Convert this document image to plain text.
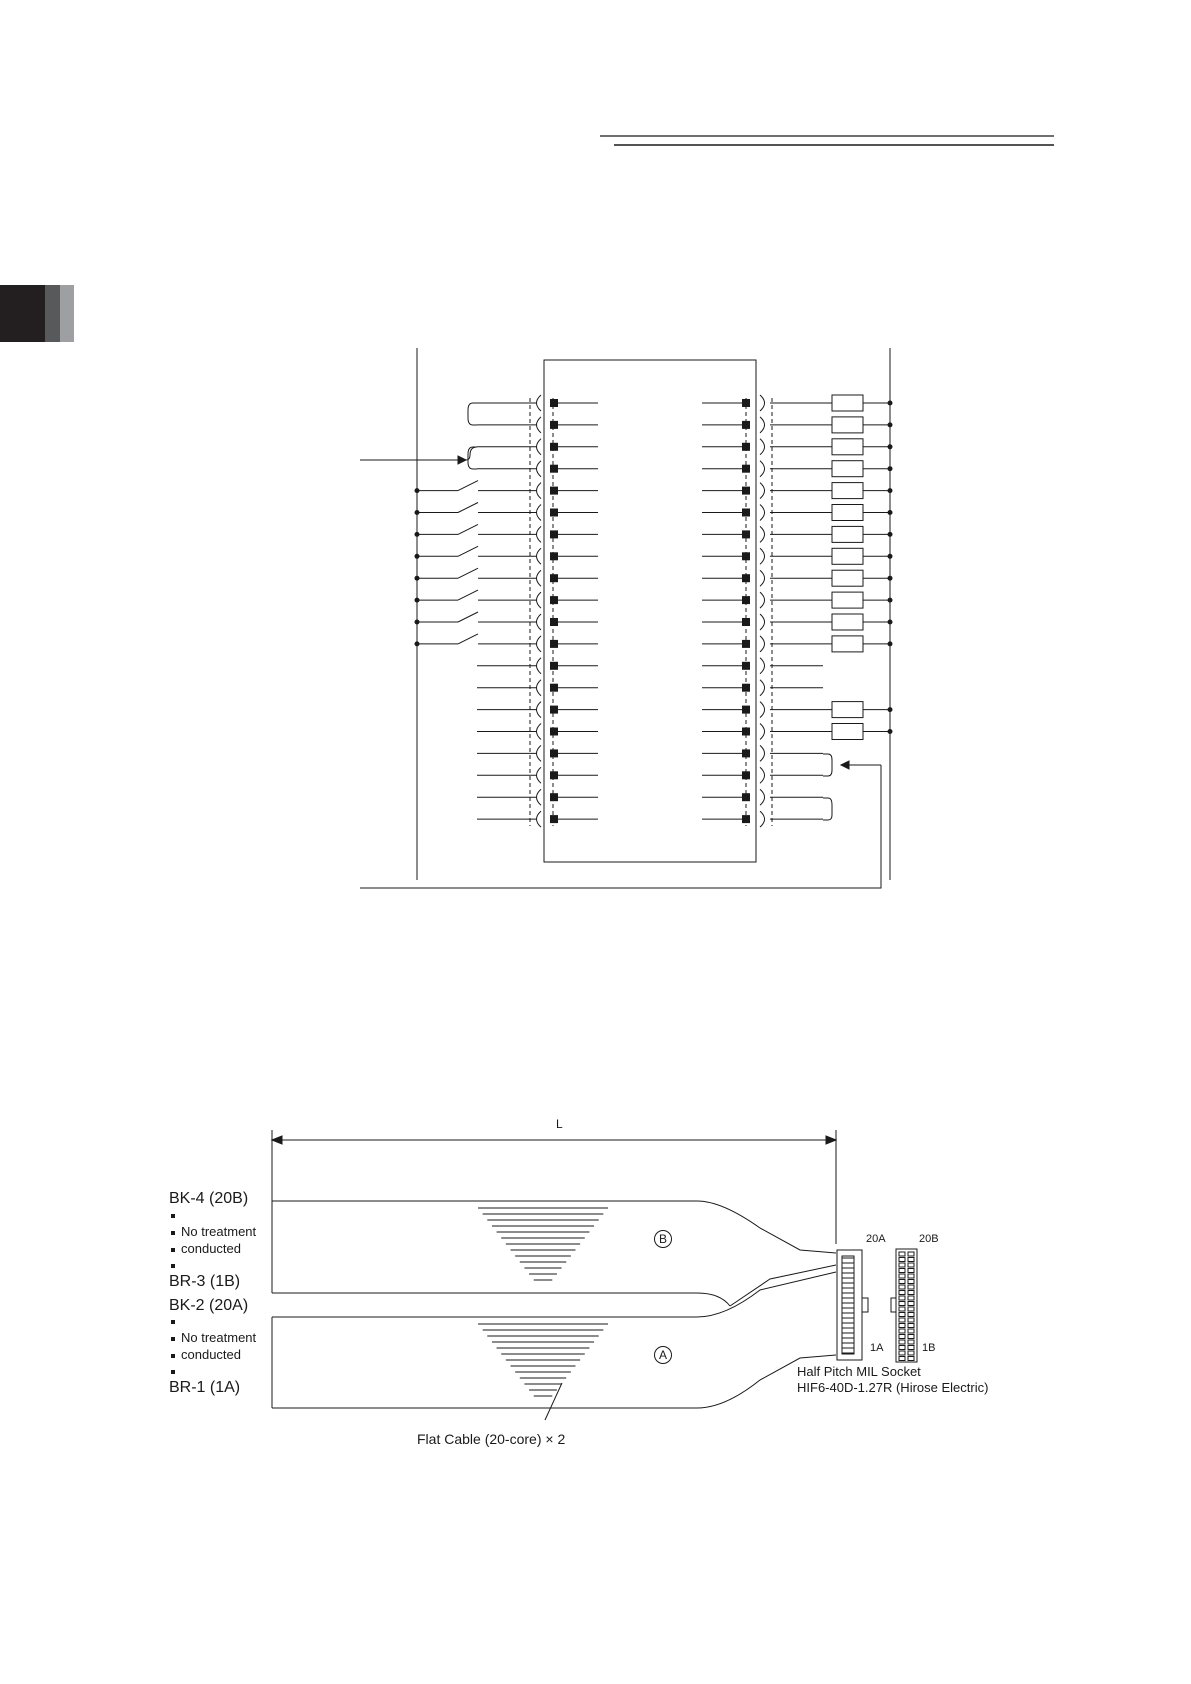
L
BK-4 (20B)
No treatment
conducted
BR-3 (1B)
BK-2 (20A)
No treatment
conducted
BR-1 (1A)
B
A
Flat Cable (20-core) × 2
20A	20B
1A	1B
Half Pitch MIL Socket
HIF6-40D-1.27R (Hirose Electric)
